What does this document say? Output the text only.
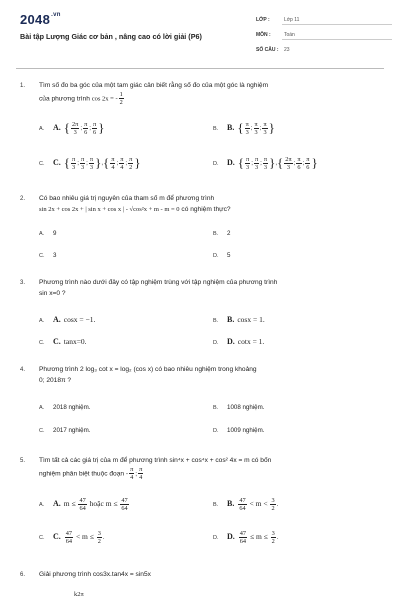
$2048^{.vn}$
Bài tập Lượng Giác cơ bản , nâng cao có lời giải (P6)
LỚP :	Lớp 11
MÔN :	Toán
SỐ CÂU : 23
1. Tìm số đo ba góc của một tam giác cân biết rằng số đo của một góc là nghiệm
của phương trình cos 2x = - $\frac{1}{2}$
A. A. { $\frac{2\pi}{3}$ ; $\frac{\pi}{6}$ ; $\frac{\pi}{6}$ }	B. B. { $\frac{\pi}{3}$ ; $\frac{\pi}{3}$ ; $\frac{\pi}{3}$ }
C. C. { $\frac{\pi}{3}$ ; $\frac{\pi}{3}$ ; $\frac{\pi}{3}$ },{ $\frac{\pi}{4}$ ; $\frac{\pi}{4}$ ; $\frac{\pi}{2}$ }	D. D. { $\frac{\pi}{3}$ ; $\frac{\pi}{3}$ ; $\frac{\pi}{3}$ },{ $\frac{2\pi}{3}$ ; $\frac{\pi}{6}$ ; $\frac{\pi}{6}$ }
2. Có bao nhiêu giá trị nguyên của tham số m để phương trình
sin 2x + cos 2x + | sin x + cos x | - √cos²x + m - m = 0 có nghiệm thực?
A. 9	B. 2
C. 3	D. 5
3. Phương trình nào dưới đây có tập nghiệm trùng với tập nghiệm của phương trình
sin x=0 ?
A. A. cosx = −1.	B. B. cosx = 1.
C. C. tanx=0.	D. D. cotx = 1.
4. Phương trình 2 log₃ cot x = log₂ (cos x) có bao nhiêu nghiệm trong khoảng
0; 2018π ?
A. 2018 nghiệm.	B. 1008 nghiệm.
C. 2017 nghiệm.	D. 1009 nghiệm.
5. Tìm tất cả các giá trị của m để phương trình sin⁴x + cos⁴x + cos² 4x = m có bốn
nghiệm phân biệt thuộc đoạn - $\frac{\pi}{4}$ ; $\frac{\pi}{4}$
A. A. $m \le \frac{47}{64}$ hoặc $m \le \frac{47}{64}$	B. B. $\frac{47}{64} < m < \frac{3}{2}$ .
C. C. $\frac{47}{64} < m \le \frac{3}{2}$ .	D. D. $\frac{47}{64} \le m \le \frac{3}{2}$ .
6. Giải phương trình cos3x.tan4x = sin5x
k2π
